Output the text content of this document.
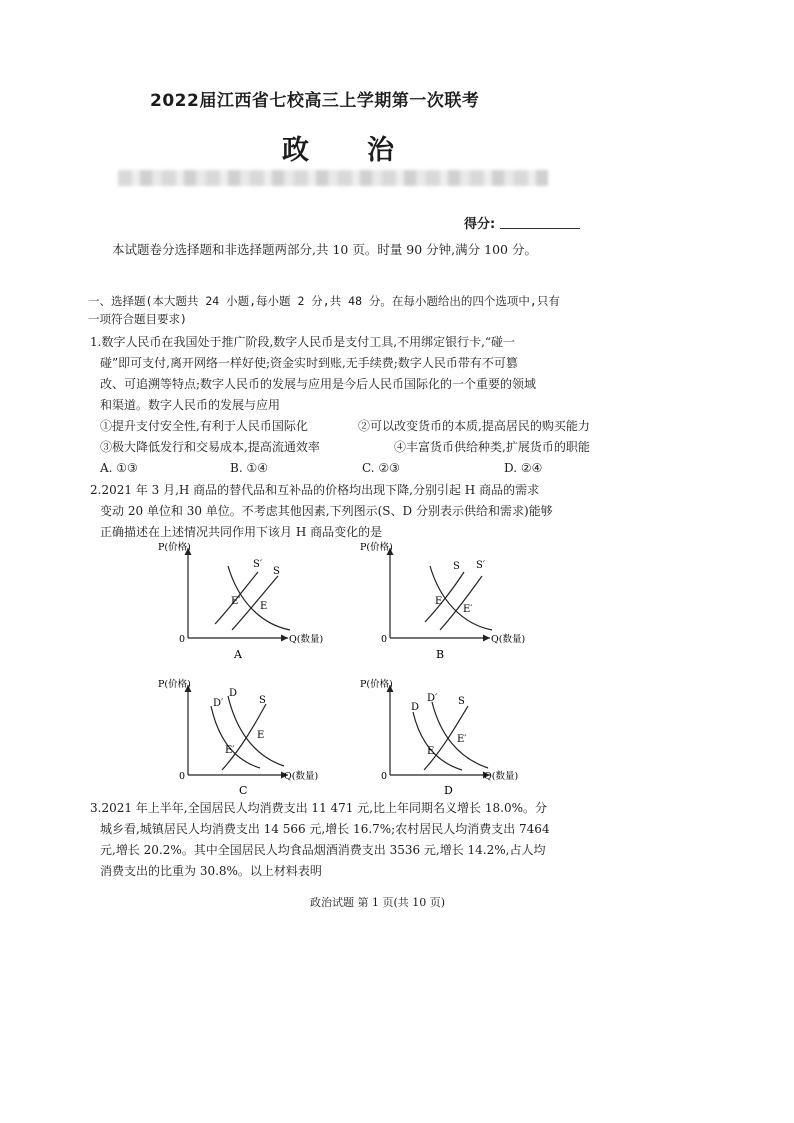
2022届江西省七校高三上学期第一次联考
政治
得分:
本试题卷分选择题和非选择题两部分,共 10 页。时量 90 分钟,满分 100 分。
一、选择题(本大题共 24 小题,每小题 2 分,共 48 分。在每小题给出的四个选项中,只有
一项符合题目要求)
1.数字人民币在我国处于推广阶段,数字人民币是支付工具,不用绑定银行卡,“碰一
碰”即可支付,离开网络一样好使;资金实时到账,无手续费;数字人民币带有不可篡
改、可追溯等特点;数字人民币的发展与应用是今后人民币国际化的一个重要的领域
和渠道。数字人民币的发展与应用
①提升支付安全性,有利于人民币国际化	②可以改变货币的本质,提高居民的购买能力
③极大降低发行和交易成本,提高流通效率	④丰富货币供给种类,扩展货币的职能
A. ①③	B. ①④	C. ②③	D. ②④
2.2021 年 3 月,H 商品的替代品和互补品的价格均出现下降,分别引起 H 商品的需求
变动 20 单位和 30 单位。不考虑其他因素,下列图示(S、D 分别表示供给和需求)能够
正确描述在上述情况共同作用下该月 H 商品变化的是
P(价格)
Q(数量)
0
S′
S
E′ E
A
P(价格)
Q(数量)
0
S S′
E
E′
B
P(价格)
Q(数量)
0
D′
D
S
E
E′
C
P(价格)
Q(数量)
0
D
D′ S
E′
E
D
3.2021 年上半年,全国居民人均消费支出 11 471 元,比上年同期名义增长 18.0%。分
城乡看,城镇居民人均消费支出 14 566 元,增长 16.7%;农村居民人均消费支出 7464
元,增长 20.2%。其中全国居民人均食品烟酒消费支出 3536 元,增长 14.2%,占人均
消费支出的比重为 30.8%。以上材料表明
政治试题 第 1 页(共 10 页)
